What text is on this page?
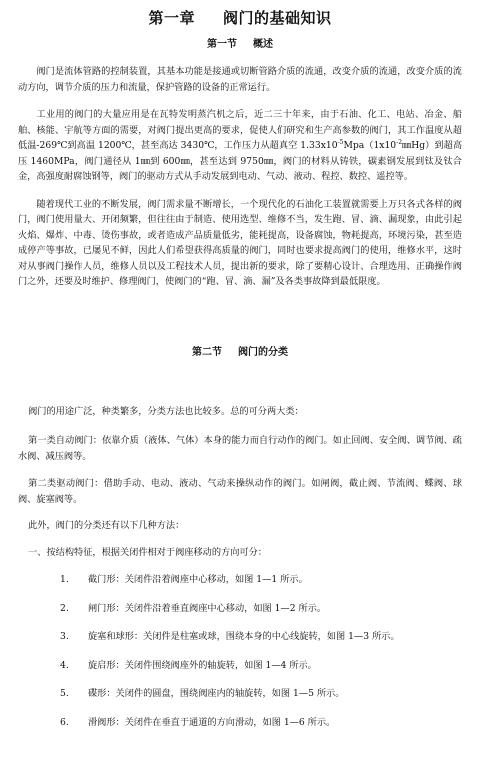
第一章 阀门的基础知识
第一节 概述

阀门是流体管路的控制装置，其基本功能是接通或切断管路介质的流通，改变介质的流通，改变介质的流动方向，调节介质的压力和流量，保护管路的设备的正常运行。

工业用的阀门的大量应用是在瓦特发明蒸汽机之后，近二三十年来，由于石油、化工、电站、冶金、船舶、核能、宇航等方面的需要，对阀门提出更高的要求，促使人们研究和生产高参数的阀门，其工作温度从超低温-269℃到高温 1200℃，甚至高达 3430℃，工作压力从超真空 $1.33x10^{-5}Mpa(1x10^{-2}㎜Hg)$到超高压 1460MPa，阀门通径从 1㎜到 600㎜，甚至达到 9750㎜，阀门的材料从铸铁，碳素钢发展到钛及钛合金，高强度耐腐蚀钢等，阀门的驱动方式从手动发展到电动、气动、液动、程控、数控、遥控等。

随着现代工业的不断发展，阀门需求量不断增长，一个现代化的石油化工装置就需要上万只各式各样的阀门，阀门使用量大、开闭频繁，但往往由于制造、使用选型、维修不当，发生跑、冒、滴、漏现象，由此引起火焰、爆炸、中毒、烫伤事故，或者造成产品质量低劣，能耗提高，设备腐蚀，物耗提高，环境污染，甚至造成停产等事故，已屡见不鲜，因此人们希望获得高质量的阀门，同时也要求提高阀门的使用，维修水平，这时对从事阀门操作人员，维修人员以及工程技术人员，提出新的要求，除了要精心设计、合理选用、正确操作阀门之外，还要及时维护、修理阀门，使阀门的“跑、冒、滴、漏”及各类事故降到最低限度。

第二节 阀门的分类

阀门的用途广泛，种类繁多，分类方法也比较多。总的可分两大类：

第一类自动阀门：依靠介质（液体、气体）本身的能力而自行动作的阀门。如止回阀、安全阀、调节阀、疏水阀、减压阀等。

第二类驱动阀门：借助手动、电动、液动、气动来操纵动作的阀门。如闸阀，截止阀、节流阀、蝶阀、球阀、旋塞阀等。

此外，阀门的分类还有以下几种方法：

一、按结构特征，根据关闭件相对于阀座移动的方向可分：

1.	截门形：关闭件沿着阀座中心移动，如图 1—1 所示。
2.	闸门形：关闭件沿着垂直阀座中心移动，如图 1—2 所示。
3.	旋塞和球形：关闭件是柱塞或球，围绕本身的中心线旋转，如图 1—3 所示。
4.	旋启形：关闭件围绕阀座外的轴旋转，如图 1—4 所示。
5.	碟形：关闭件的圆盘，围绕阀座内的轴旋转，如图 1—5 所示。
6.	滑阀形：关闭件在垂直于通道的方向滑动，如图 1—6 所示。
